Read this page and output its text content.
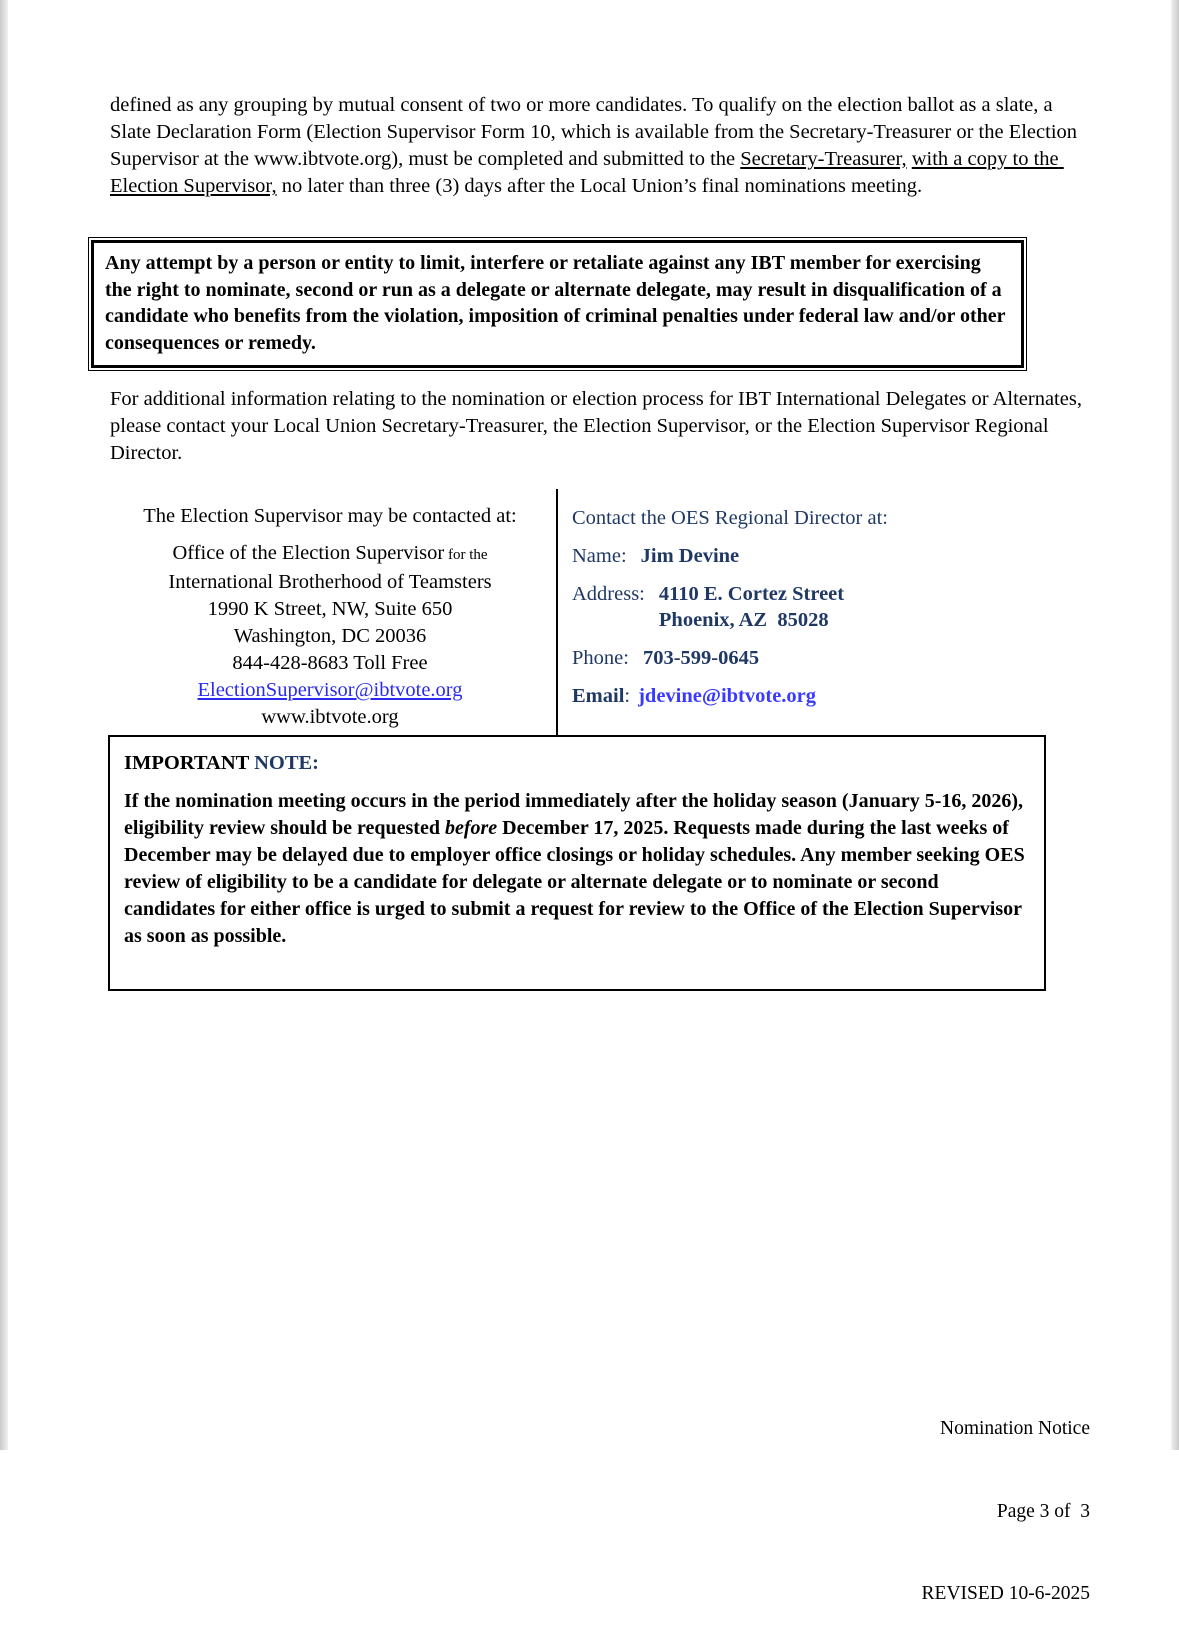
defined as any grouping by mutual consent of two or more candidates. To qualify on the election ballot as a slate, a Slate Declaration Form (Election Supervisor Form 10, which is available from the Secretary-Treasurer or the Election Supervisor at the www.ibtvote.org), must be completed and submitted to the Secretary-Treasurer, with a copy to the Election Supervisor, no later than three (3) days after the Local Union’s final nominations meeting.

Any attempt by a person or entity to limit, interfere or retaliate against any IBT member for exercising the right to nominate, second or run as a delegate or alternate delegate, may result in disqualification of a candidate who benefits from the violation, imposition of criminal penalties under federal law and/or other consequences or remedy.

For additional information relating to the nomination or election process for IBT International Delegates or Alternates, please contact your Local Union Secretary-Treasurer, the Election Supervisor, or the Election Supervisor Regional Director.

The Election Supervisor may be contacted at:
Office of the Election Supervisor for the
International Brotherhood of Teamsters
1990 K Street, NW, Suite 650
Washington, DC 20036
844-428-8683 Toll Free
ElectionSupervisor@ibtvote.org
www.ibtvote.org
Contact the OES Regional Director at:
Name: Jim Devine
Address: 4110 E. Cortez Street
Phoenix, AZ  85028
Phone: 703-599-0645
Email : jdevine@ibtvote.org
IMPORTANT NOTE:
If the nomination meeting occurs in the period immediately after the holiday season (January 5-16, 2026), eligibility review should be requested before December 17, 2025. Requests made during the last weeks of December may be delayed due to employer office closings or holiday schedules. Any member seeking OES review of eligibility to be a candidate for delegate or alternate delegate or to nominate or second candidates for either office is urged to submit a request for review to the Office of the Election Supervisor as soon as possible.

Nomination Notice

Page 3 of  3

REVISED 10-6-2025
